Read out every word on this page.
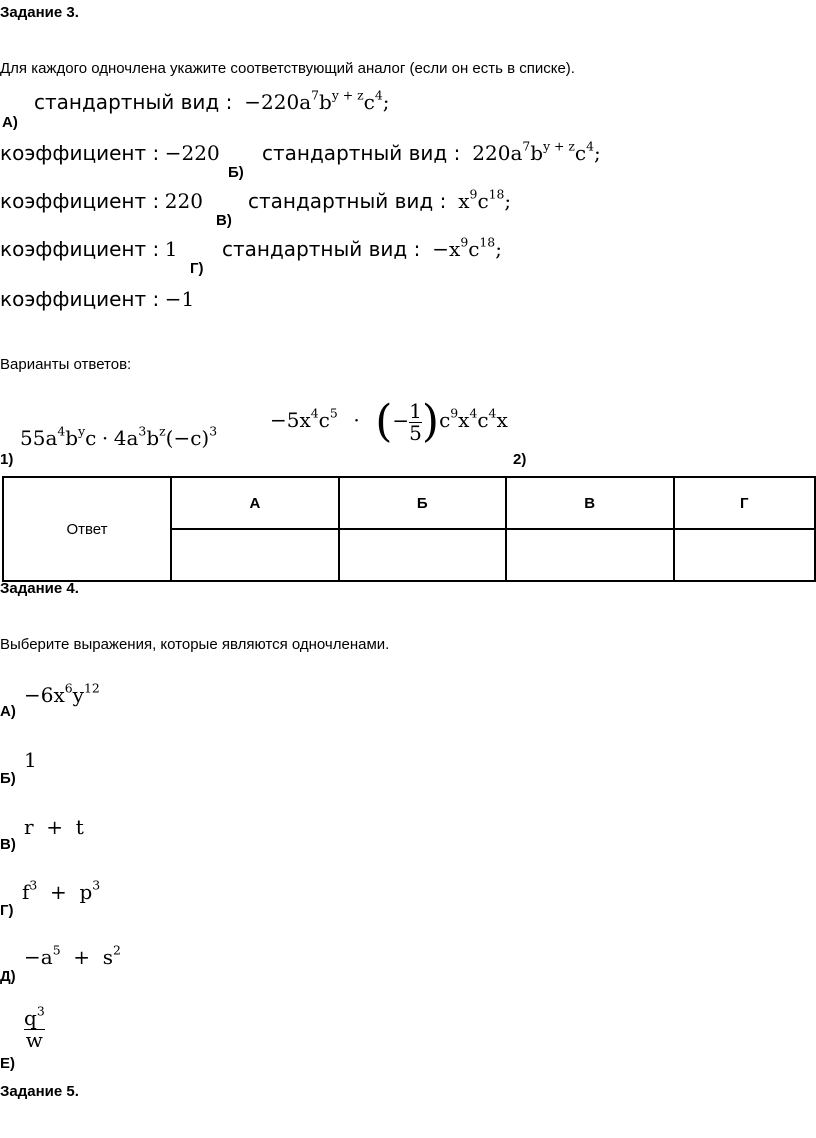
Задание 3.
Для каждого одночлена укажите соответствующий аналог (если он есть в списке).
стандартный вид :  $-220a^7b^{y + z}c^4$;
А)
коэффициент : −220 стандартный вид :  $220a^7b^{y + z}c^4$;
Б)
коэффициент : 220 стандартный вид :  $x^9c^{18}$;
В)
коэффициент : 1 стандартный вид :  $-x^9c^{18}$;
Г)
коэффициент : −1
Варианты ответов:
$55a^4b^yc \cdot 4a^3b^z(-c)^3$
1)
$-5x^4c^5$ · (− $\frac{1}{5} )c^9x^4c^4x$
2)
Ответ	А	Б	В	Г

Задание 4.
Выберите выражения, которые являются одночленами.
$-6x^6y^{12}$
А)
1
Б)
r  +  t
В)
$f^3 + p^3$
Г)
$-a^5 + s^2$
Д)
$\frac{q^3}{w}$
Е)
Задание 5.
